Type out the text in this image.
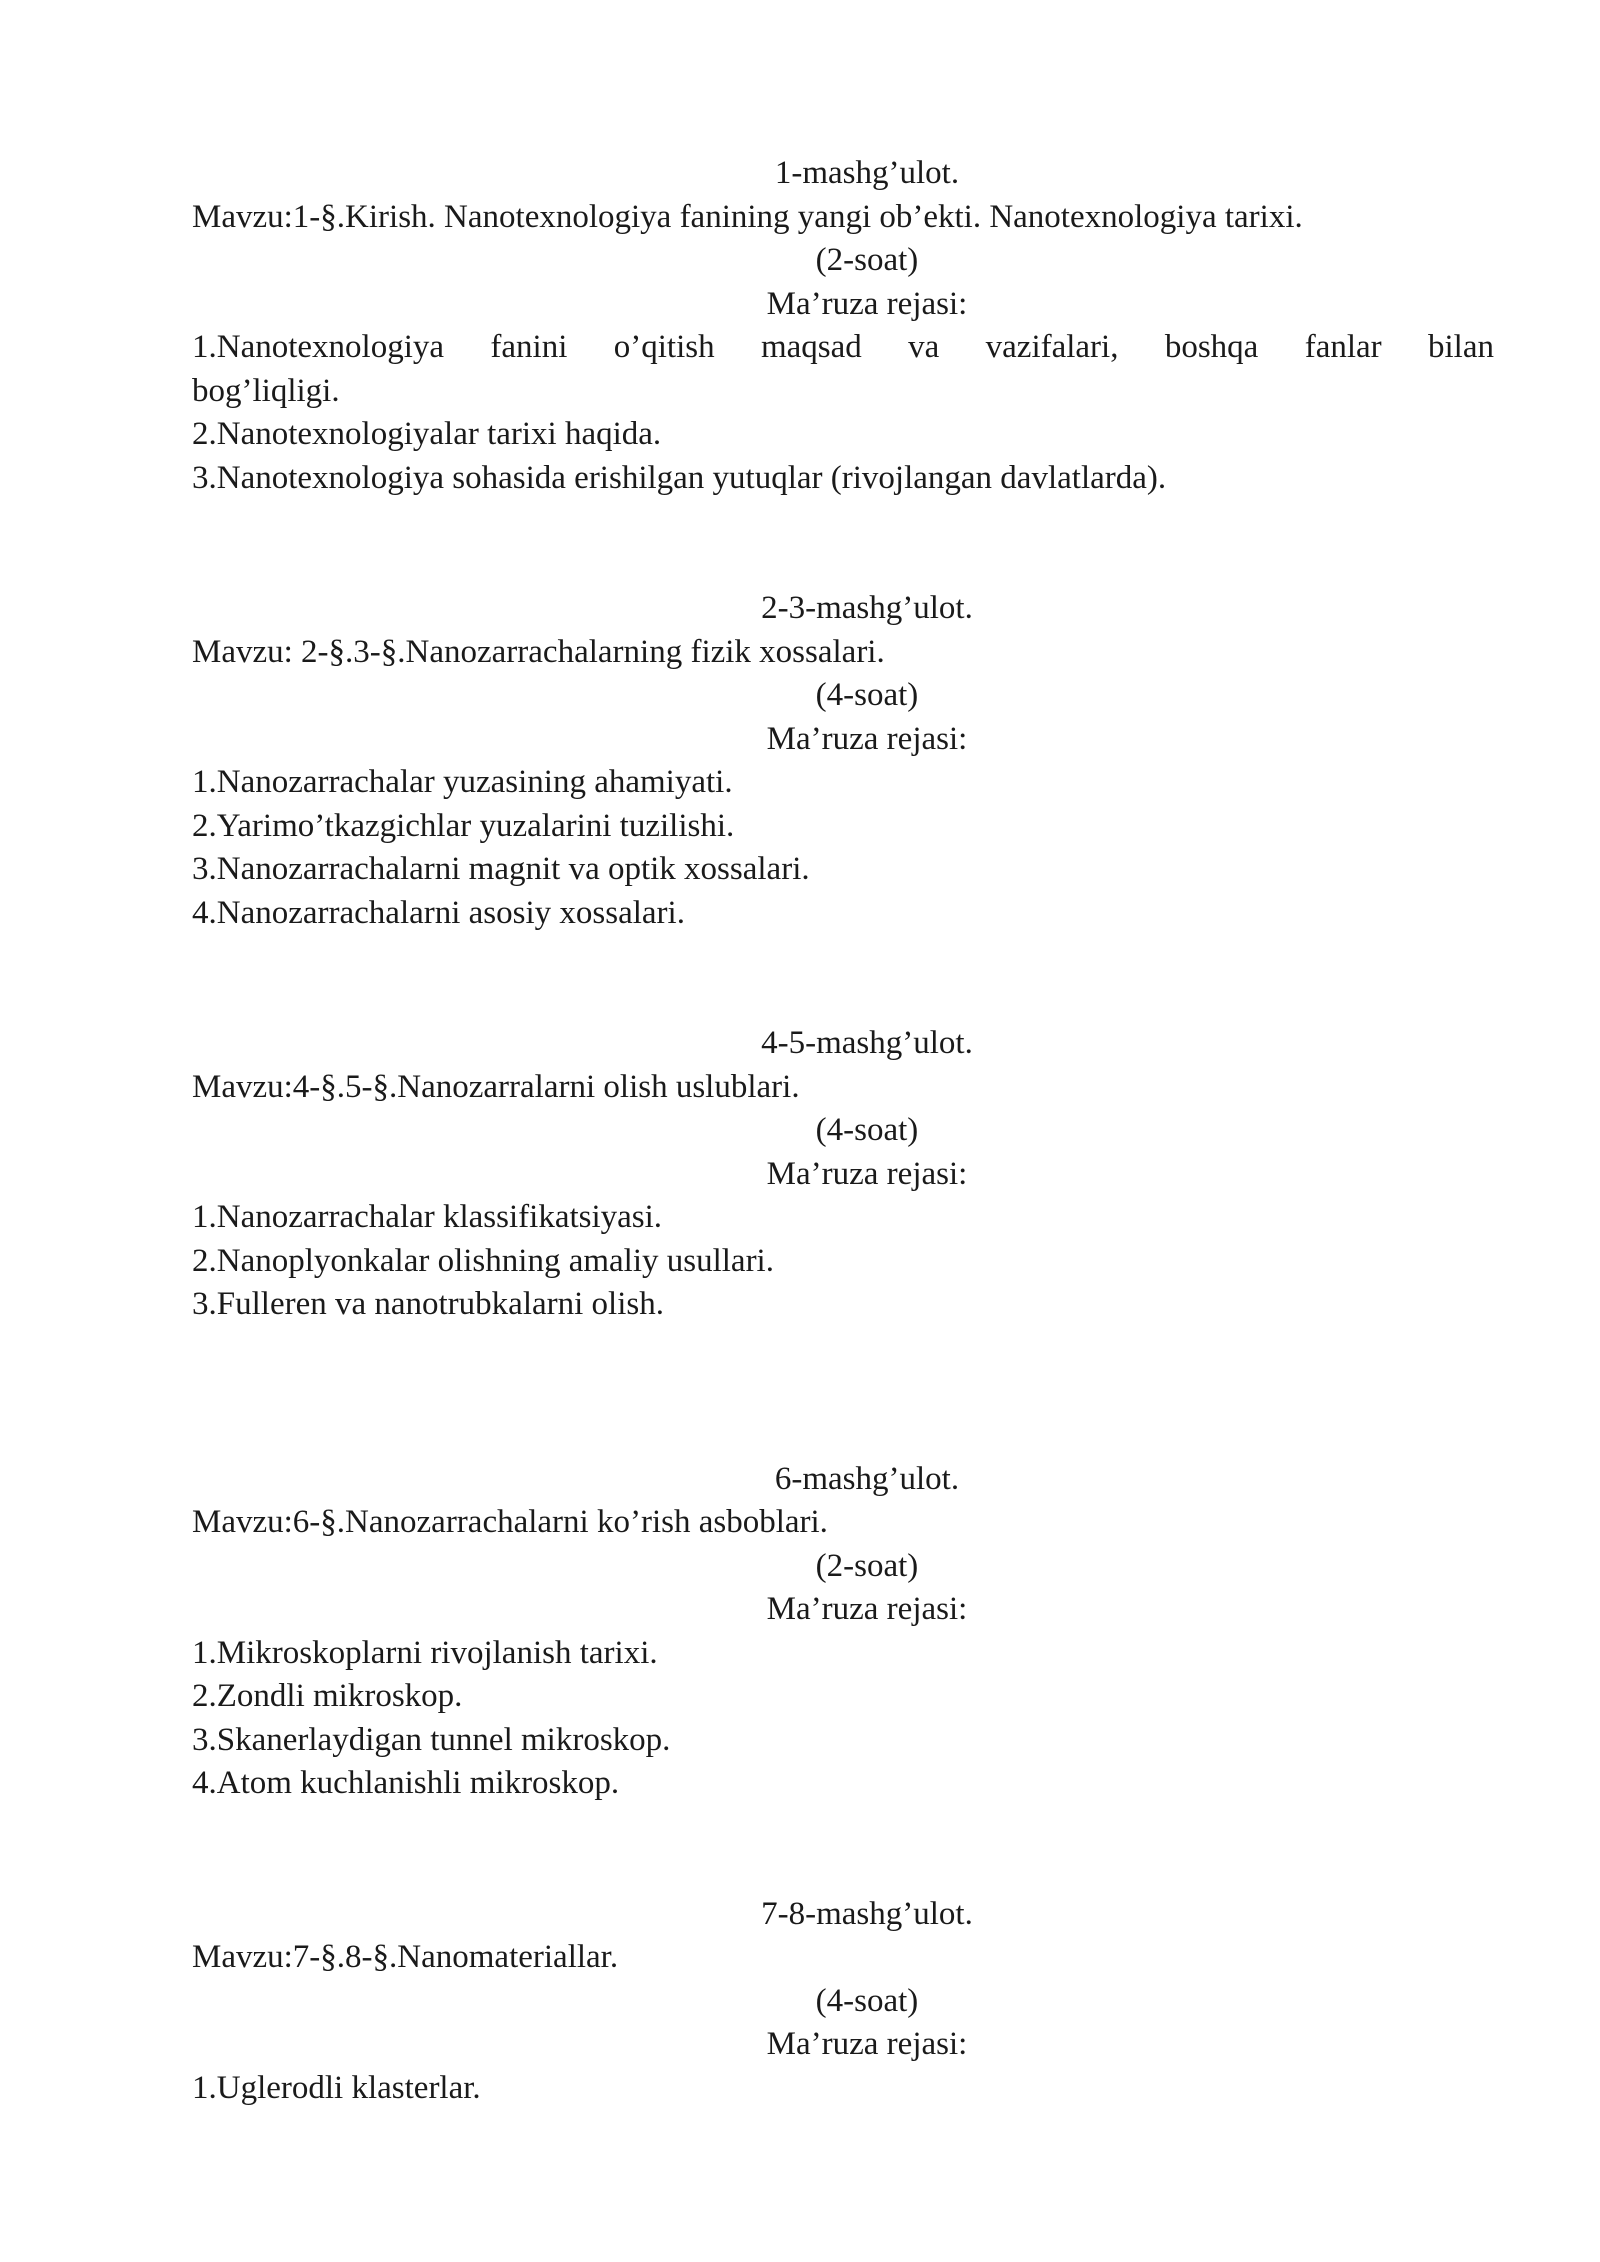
1-mashg’ulot.
Mavzu:1-§.Kirish. Nanotexnologiya fanining yangi ob’ekti. Nanotexnologiya tarixi.
(2-soat)
Ma’ruza rejasi:
1.Nanotexnologiya fanini o’qitish maqsad va vazifalari, boshqa fanlar bilan
bog’liqligi.
2.Nanotexnologiyalar tarixi haqida.
3.Nanotexnologiya sohasida erishilgan yutuqlar (rivojlangan davlatlarda).
2-3-mashg’ulot.
Mavzu: 2-§.3-§.Nanozarrachalarning fizik xossalari.
(4-soat)
Ma’ruza rejasi:
1.Nanozarrachalar yuzasining ahamiyati.
2.Yarimo’tkazgichlar yuzalarini tuzilishi.
3.Nanozarrachalarni magnit va optik xossalari.
4.Nanozarrachalarni asosiy xossalari.
4-5-mashg’ulot.
Mavzu:4-§.5-§.Nanozarralarni olish uslublari.
(4-soat)
Ma’ruza rejasi:
1.Nanozarrachalar klassifikatsiyasi.
2.Nanoplyonkalar olishning amaliy usullari.
3.Fulleren va nanotrubkalarni olish.
6-mashg’ulot.
Mavzu:6-§.Nanozarrachalarni ko’rish asboblari.
(2-soat)
Ma’ruza rejasi:
1.Mikroskoplarni rivojlanish tarixi.
2.Zondli mikroskop.
3.Skanerlaydigan tunnel mikroskop.
4.Atom kuchlanishli mikroskop.
7-8-mashg’ulot.
Mavzu:7-§.8-§.Nanomateriallar.
(4-soat)
Ma’ruza rejasi:
1.Uglerodli klasterlar.
